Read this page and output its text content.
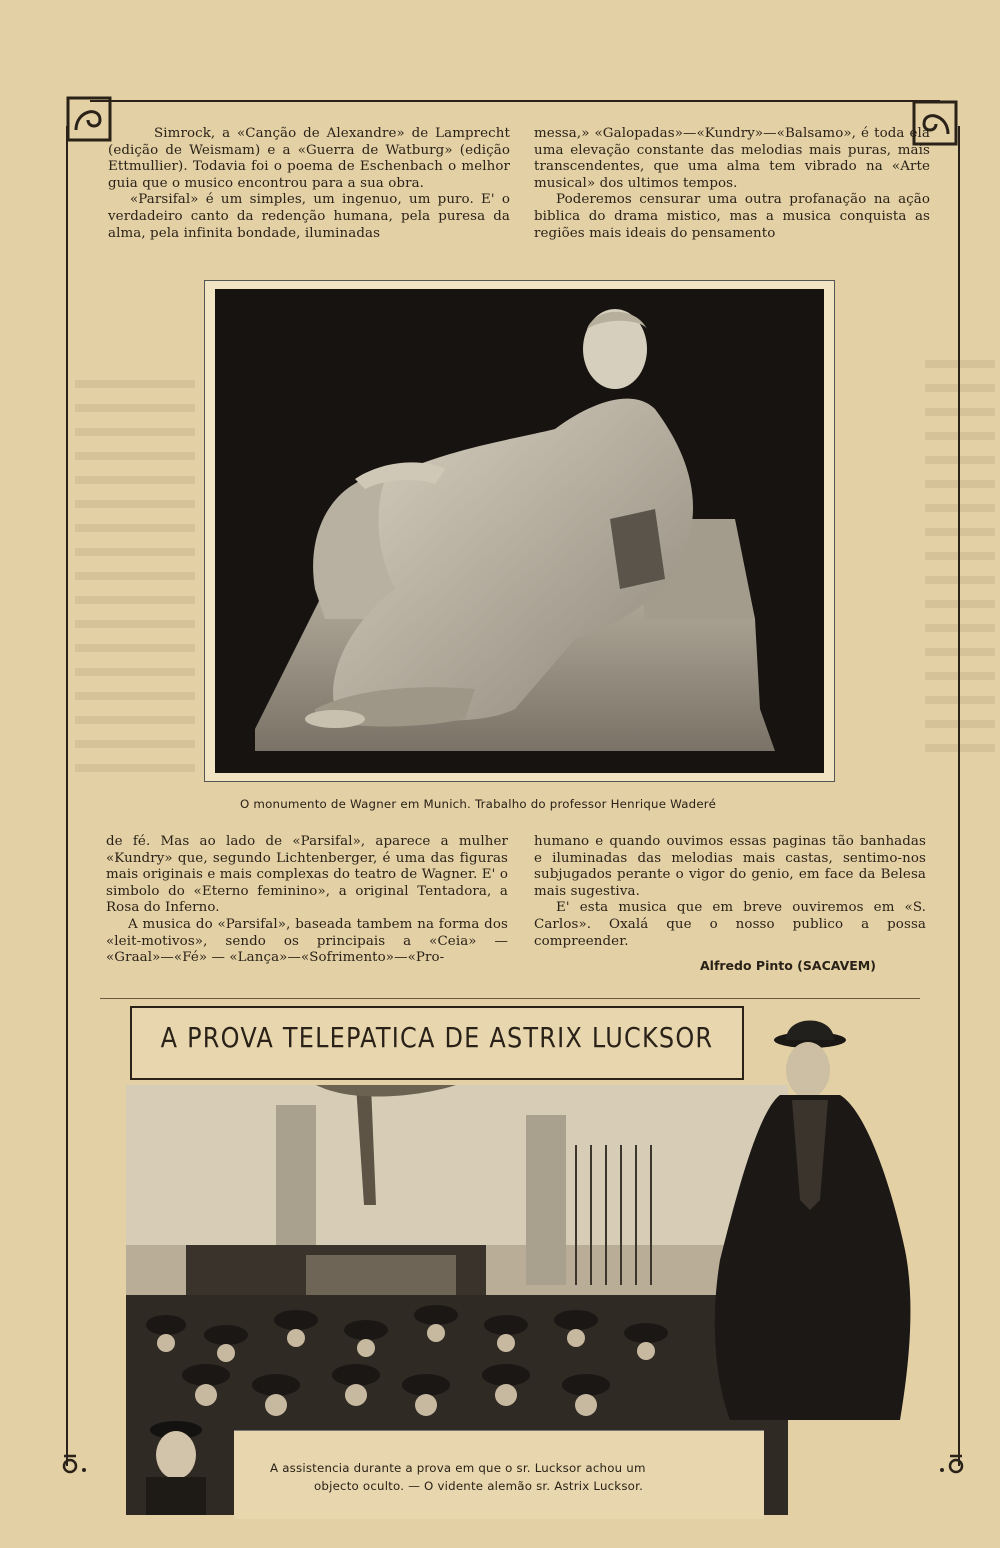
Simrock, a «Canção de Alexandre» de Lamprecht (edição de Weismam) e a «Guerra de Watburg» (edição Ettmullier). Todavia foi o poema de Eschenbach o melhor guia que o musico encontrou para a sua obra.

«Parsifal» é um simples, um ingenuo, um puro. E' o verdadeiro canto da redenção humana, pela puresa da alma, pela infinita bondade, iluminadas

messa,» «Galopadas»—«Kundry»—«Balsamo», é toda ela uma elevação constante das melodias mais puras, mais transcendentes, que uma alma tem vibrado na «Arte musical» dos ultimos tempos.

Poderemos censurar uma outra profanação na ação biblica do drama mistico, mas a musica conquista as regiões mais ideais do pensamento

O monumento de Wagner em Munich. Trabalho do professor Henrique Waderé

de fé. Mas ao lado de «Parsifal», aparece a mulher «Kundry» que, segundo Lichtenberger, é uma das figuras mais originais e mais complexas do teatro de Wagner. E' o simbolo do «Eterno feminino», a original Tentadora, a Rosa do Inferno.

A musica do «Parsifal», baseada tambem na forma dos «leit-motivos», sendo os principais a «Ceia» — «Graal»—«Fé» — «Lança»—«Sofrimento»—«Pro-

humano e quando ouvimos essas paginas tão banhadas e iluminadas das melodias mais castas, sentimo-nos subjugados perante o vigor do genio, em face da Belesa mais sugestiva.

E' esta musica que em breve ouviremos em «S. Carlos». Oxalá que o nosso publico a possa compreender.

Alfredo Pinto (SACAVEM)
A PROVA TELEPATICA DE ASTRIX LUCKSOR
A assistencia durante a prova em que o sr. Lucksor achou um
objecto oculto. — O vidente alemão sr. Astrix Lucksor.
